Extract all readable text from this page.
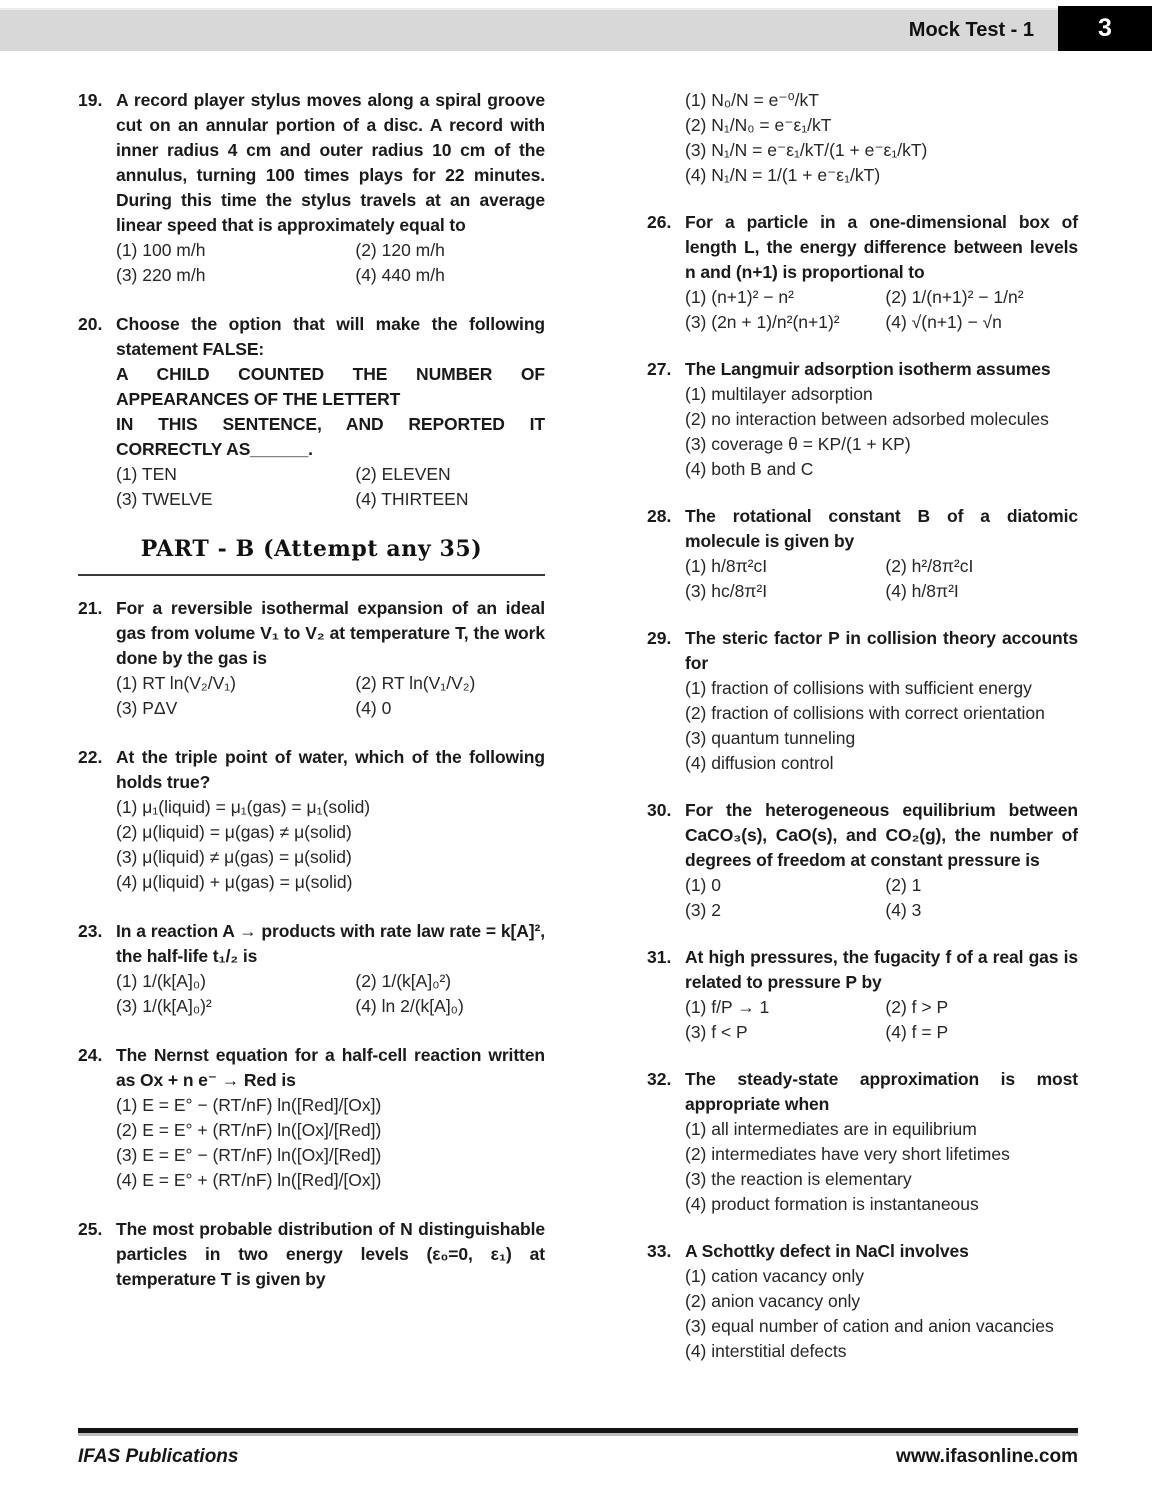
Mock Test - 1	3
19. A record player stylus moves along a spiral groove cut on an annular portion of a disc. A record with inner radius 4 cm and outer radius 10 cm of the annulus, turning 100 times plays for 22 minutes. During this time the stylus travels at an average linear speed that is approximately equal to

(1) 100 m/h	(2) 120 m/h
(3) 220 m/h	(4) 440 m/h
20. Choose the option that will make the following statement FALSE:

A CHILD COUNTED THE NUMBER OF APPEARANCES OF THE LETTERT

IN THIS SENTENCE, AND REPORTED IT CORRECTLY AS______.

(1) TEN	(2) ELEVEN
(3) TWELVE	(4) THIRTEEN
PART - B (Attempt any 35)
21. For a reversible isothermal expansion of an ideal gas from volume V₁ to V₂ at temperature T, the work done by the gas is

(1) RT ln(V₂/V₁)	(2) RT ln(V₁/V₂)
(3) PΔV	(4) 0
22. At the triple point of water, which of the following holds true?

(1) μ₁(liquid) = μ₁(gas) = μ₁(solid)
(2) μ(liquid) = μ(gas) ≠ μ(solid)
(3) μ(liquid) ≠ μ(gas) = μ(solid)
(4) μ(liquid) + μ(gas) = μ(solid)
23. In a reaction A → products with rate law rate = k[A]², the half-life t₁/₂ is

(1) 1/(k[A]₀)	(2) 1/(k[A]₀²)
(3) 1/(k[A]₀)²	(4) ln 2/(k[A]₀)
24. The Nernst equation for a half-cell reaction written as Ox + n e⁻ → Red is

(1) E = E° − (RT/nF) ln([Red]/[Ox])
(2) E = E° + (RT/nF) ln([Ox]/[Red])
(3) E = E° − (RT/nF) ln([Ox]/[Red])
(4) E = E° + (RT/nF) ln([Red]/[Ox])
25. The most probable distribution of N distinguishable particles in two energy levels (ε₀=0, ε₁) at temperature T is given by

(1) N₀/N = e⁻⁰/kT
(2) N₁/N₀ = e⁻ε₁/kT
(3) N₁/N = e⁻ε₁/kT/(1 + e⁻ε₁/kT)
(4) N₁/N = 1/(1 + e⁻ε₁/kT)
26. For a particle in a one-dimensional box of length L, the energy difference between levels n and (n+1) is proportional to

(1) (n+1)² − n²	(2) 1/(n+1)² − 1/n²
(3) (2n + 1)/n²(n+1)²	(4) √(n+1) − √n
27. The Langmuir adsorption isotherm assumes

(1) multilayer adsorption
(2) no interaction between adsorbed molecules
(3) coverage θ = KP/(1 + KP)
(4) both B and C
28. The rotational constant B of a diatomic molecule is given by

(1) h/8π²cI	(2) h²/8π²cI
(3) hc/8π²I	(4) h/8π²I
29. The steric factor P in collision theory accounts for

(1) fraction of collisions with sufficient energy
(2) fraction of collisions with correct orientation
(3) quantum tunneling
(4) diffusion control
30. For the heterogeneous equilibrium between CaCO₃(s), CaO(s), and CO₂(g), the number of degrees of freedom at constant pressure is

(1) 0	(2) 1
(3) 2	(4) 3
31. At high pressures, the fugacity f of a real gas is related to pressure P by

(1) f/P → 1	(2) f > P
(3) f < P	(4) f = P
32. The steady-state approximation is most appropriate when

(1) all intermediates are in equilibrium
(2) intermediates have very short lifetimes
(3) the reaction is elementary
(4) product formation is instantaneous
33. A Schottky defect in NaCl involves

(1) cation vacancy only
(2) anion vacancy only
(3) equal number of cation and anion vacancies
(4) interstitial defects
IFAS Publications	www.ifasonline.com
